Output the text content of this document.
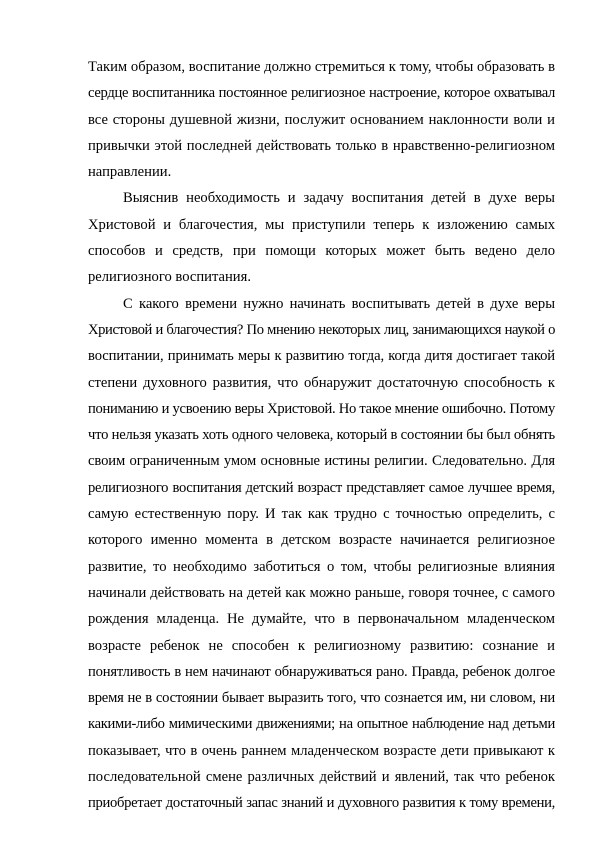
Таким образом, воспитание должно стремиться к тому, чтобы образовать в
сердце воспитанника постоянное религиозное настроение, которое охватывал
все стороны душевной жизни, послужит основанием наклонности воли и
привычки этой последней действовать только в нравственно-религиозном
направлении.
Выяснив необходимость и задачу воспитания детей в духе веры
Христовой и благочестия, мы приступили теперь к изложению самых
способов и средств, при помощи которых может быть ведено дело
религиозного воспитания.
С какого времени нужно начинать воспитывать детей в духе веры
Христовой и благочестия? По мнению некоторых лиц, занимающихся наукой о
воспитании, принимать меры к развитию тогда, когда дитя достигает такой
степени духовного развития, что обнаружит достаточную способность к
пониманию и усвоению веры Христовой. Но такое мнение ошибочно. Потому
что нельзя указать хоть одного человека, который в состоянии бы был обнять
своим ограниченным умом основные истины религии. Следовательно. Для
религиозного воспитания детский возраст представляет самое лучшее время,
самую естественную пору. И так как трудно с точностью определить, с
которого именно момента в детском возрасте начинается религиозное
развитие, то необходимо заботиться о том, чтобы религиозные влияния
начинали действовать на детей как можно раньше, говоря точнее, с самого
рождения младенца. Не думайте, что в первоначальном младенческом
возрасте ребенок не способен к религиозному развитию: сознание и
понятливость в нем начинают обнаруживаться рано. Правда, ребенок долгое
время не в состоянии бывает выразить того, что сознается им, ни словом, ни
какими-либо мимическими движениями; на опытное наблюдение над детьми
показывает, что в очень раннем младенческом возрасте дети привыкают к
последовательной смене различных действий и явлений, так что ребенок
приобретает достаточный запас знаний и духовного развития к тому времени,
